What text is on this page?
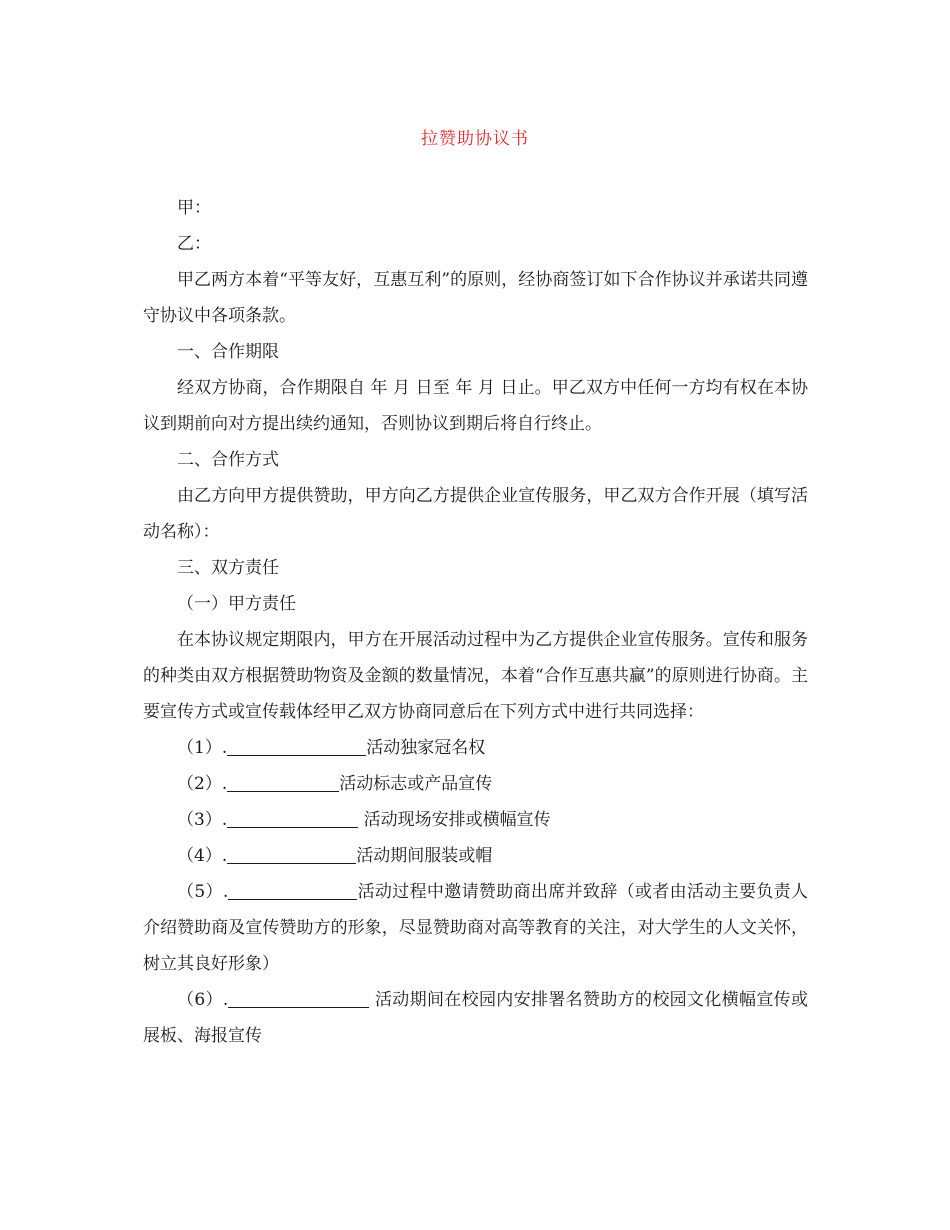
拉赞助协议书

甲：

乙：

甲乙两方本着“平等友好，互惠互利”的原则，经协商签订如下合作协议并承诺共同遵守协议中各项条款。

一、合作期限

经双方协商，合作期限自 年 月 日至 年 月 日止。甲乙双方中任何一方均有权在本协议到期前向对方提出续约通知，否则协议到期后将自行终止。

二、合作方式

由乙方向甲方提供赞助，甲方向乙方提供企业宣传服务，甲乙双方合作开展（填写活动名称）：

三、双方责任

（一）甲方责任

在本协议规定期限内，甲方在开展活动过程中为乙方提供企业宣传服务。宣传和服务的种类由双方根据赞助物资及金额的数量情况，本着“合作互惠共赢”的原则进行协商。主要宣传方式或宣传载体经甲乙双方协商同意后在下列方式中进行共同选择：

（1）.	活动独家冠名权

（2）.	活动标志或产品宣传

（3）.	活动现场安排或横幅宣传

（4）.	活动期间服装或帽

（5）.	活动过程中邀请赞助商出席并致辞（或者由活动主要负责人介绍赞助商及宣传赞助方的形象，尽显赞助商对高等教育的关注，对大学生的人文关怀，树立其良好形象）

（6）.	活动期间在校园内安排署名赞助方的校园文化横幅宣传或展板、海报宣传
